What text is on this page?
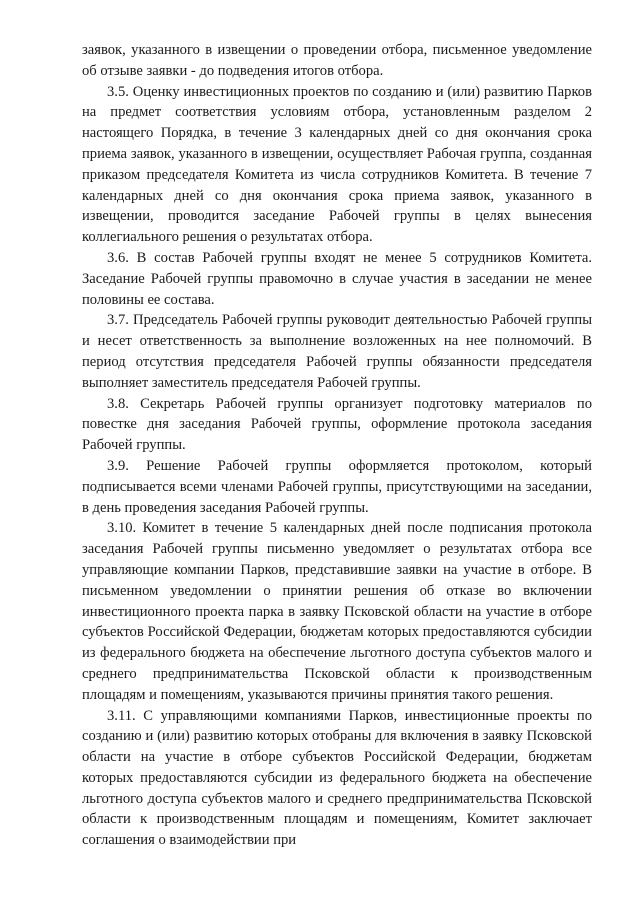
заявок, указанного в извещении о проведении отбора, письменное уведомление об отзыве заявки - до подведения итогов отбора.

3.5. Оценку инвестиционных проектов по созданию и (или) развитию Парков на предмет соответствия условиям отбора, установленным разделом 2 настоящего Порядка, в течение 3 календарных дней со дня окончания срока приема заявок, указанного в извещении, осуществляет Рабочая группа, созданная приказом председателя Комитета из числа сотрудников Комитета. В течение 7 календарных дней со дня окончания срока приема заявок, указанного в извещении, проводится заседание Рабочей группы в целях вынесения коллегиального решения о результатах отбора.

3.6. В состав Рабочей группы входят не менее 5 сотрудников Комитета. Заседание Рабочей группы правомочно в случае участия в заседании не менее половины ее состава.

3.7. Председатель Рабочей группы руководит деятельностью Рабочей группы и несет ответственность за выполнение возложенных на нее полномочий. В период отсутствия председателя Рабочей группы обязанности председателя выполняет заместитель председателя Рабочей группы.

3.8. Секретарь Рабочей группы организует подготовку материалов по повестке дня заседания Рабочей группы, оформление протокола заседания Рабочей группы.

3.9. Решение Рабочей группы оформляется протоколом, который подписывается всеми членами Рабочей группы, присутствующими на заседании, в день проведения заседания Рабочей группы.

3.10. Комитет в течение 5 календарных дней после подписания протокола заседания Рабочей группы письменно уведомляет о результатах отбора все управляющие компании Парков, представившие заявки на участие в отборе. В письменном уведомлении о принятии решения об отказе во включении инвестиционного проекта парка в заявку Псковской области на участие в отборе субъектов Российской Федерации, бюджетам которых предоставляются субсидии из федерального бюджета на обеспечение льготного доступа субъектов малого и среднего предпринимательства Псковской области к производственным площадям и помещениям, указываются причины принятия такого решения.

3.11. С управляющими компаниями Парков, инвестиционные проекты по созданию и (или) развитию которых отобраны для включения в заявку Псковской области на участие в отборе субъектов Российской Федерации, бюджетам которых предоставляются субсидии из федерального бюджета на обеспечение льготного доступа субъектов малого и среднего предпринимательства Псковской области к производственным площадям и помещениям, Комитет заключает соглашения о взаимодействии при
